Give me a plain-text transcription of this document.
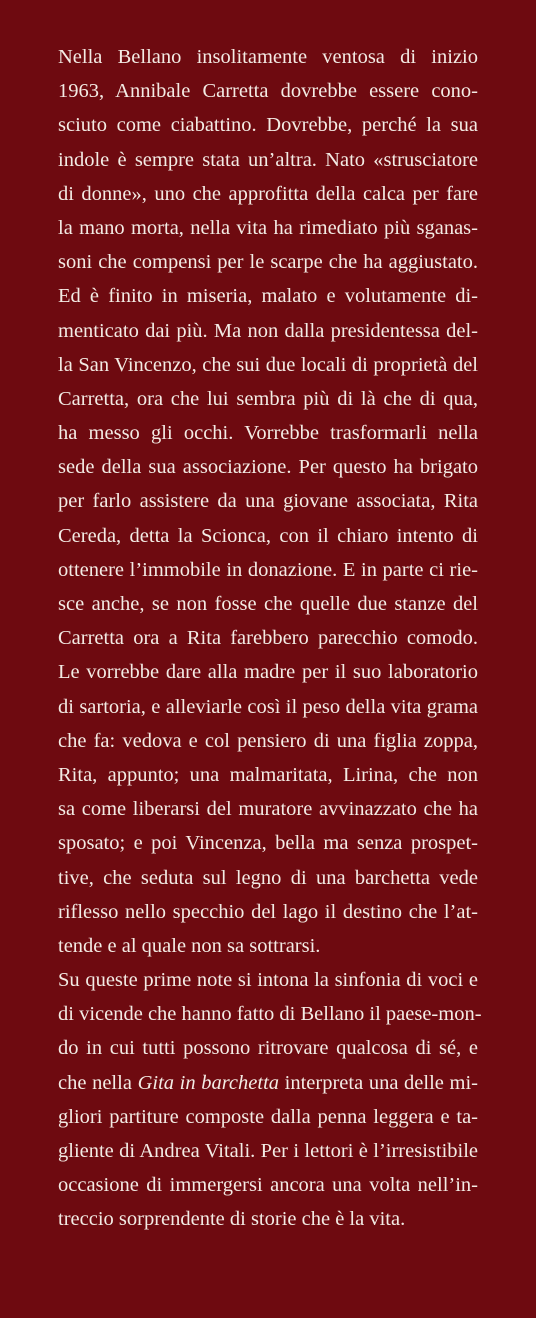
Nella Bellano insolitamente ventosa di inizio
1963, Annibale Carretta dovrebbe essere cono-
sciuto come ciabattino. Dovrebbe, perché la sua
indole è sempre stata un’altra. Nato «strusciatore
di donne», uno che approfitta della calca per fare
la mano morta, nella vita ha rimediato più sganas-
soni che compensi per le scarpe che ha aggiustato.
Ed è finito in miseria, malato e volutamente di-
menticato dai più. Ma non dalla presidentessa del-
la San Vincenzo, che sui due locali di proprietà del
Carretta, ora che lui sembra più di là che di qua,
ha messo gli occhi. Vorrebbe trasformarli nella
sede della sua associazione. Per questo ha brigato
per farlo assistere da una giovane associata, Rita
Cereda, detta la Scionca, con il chiaro intento di
ottenere l’immobile in donazione. E in parte ci rie-
sce anche, se non fosse che quelle due stanze del
Carretta ora a Rita farebbero parecchio comodo.
Le vorrebbe dare alla madre per il suo laboratorio
di sartoria, e alleviarle così il peso della vita grama
che fa: vedova e col pensiero di una figlia zoppa,
Rita, appunto; una malmaritata, Lirina, che non
sa come liberarsi del muratore avvinazzato che ha
sposato; e poi Vincenza, bella ma senza prospet-
tive, che seduta sul legno di una barchetta vede
riflesso nello specchio del lago il destino che l’at-
tende e al quale non sa sottrarsi.
Su queste prime note si intona la sinfonia di voci e
di vicende che hanno fatto di Bellano il paese-mon-
do in cui tutti possono ritrovare qualcosa di sé, e
che nella Gita in barchetta interpreta una delle mi-
gliori partiture composte dalla penna leggera e ta-
gliente di Andrea Vitali. Per i lettori è l’irresistibile
occasione di immergersi ancora una volta nell’in-
treccio sorprendente di storie che è la vita.
